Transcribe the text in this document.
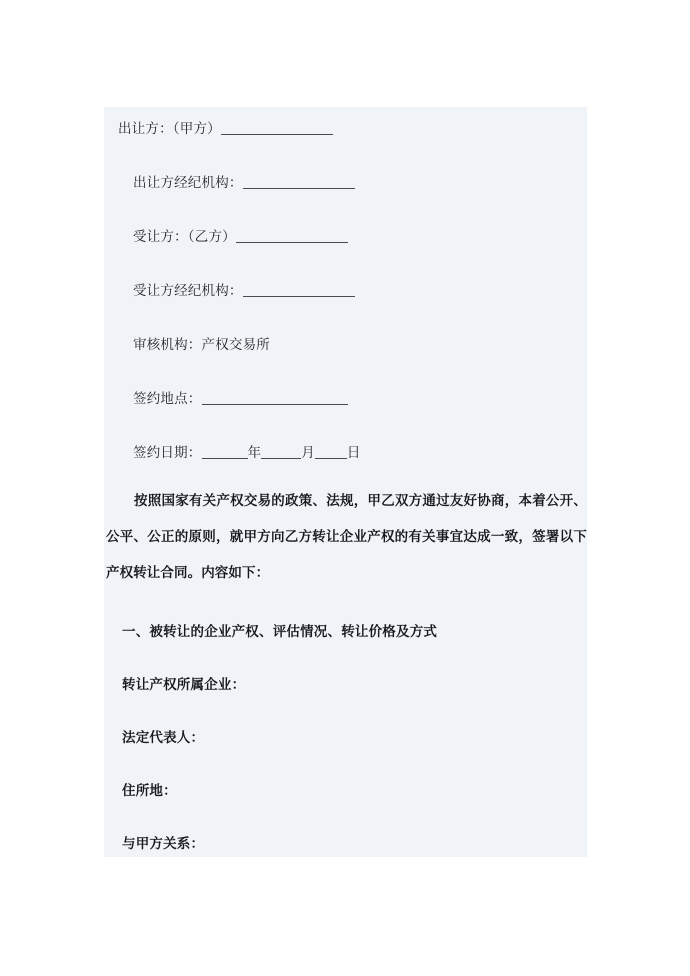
出让方：（甲方）
出让方经纪机构：
受让方：（乙方）
受让方经纪机构：
审核机构：产权交易所
签约地点：
签约日期：	年	月 日
按照国家有关产权交易的政策、法规，甲乙双方通过友好协商，本着公开、公平、公正的原则，就甲方向乙方转让企业产权的有关事宜达成一致，签署以下产权转让合同。内容如下：
一、被转让的企业产权、评估情况、转让价格及方式
转让产权所属企业：
法定代表人：
住所地：
与甲方关系：
